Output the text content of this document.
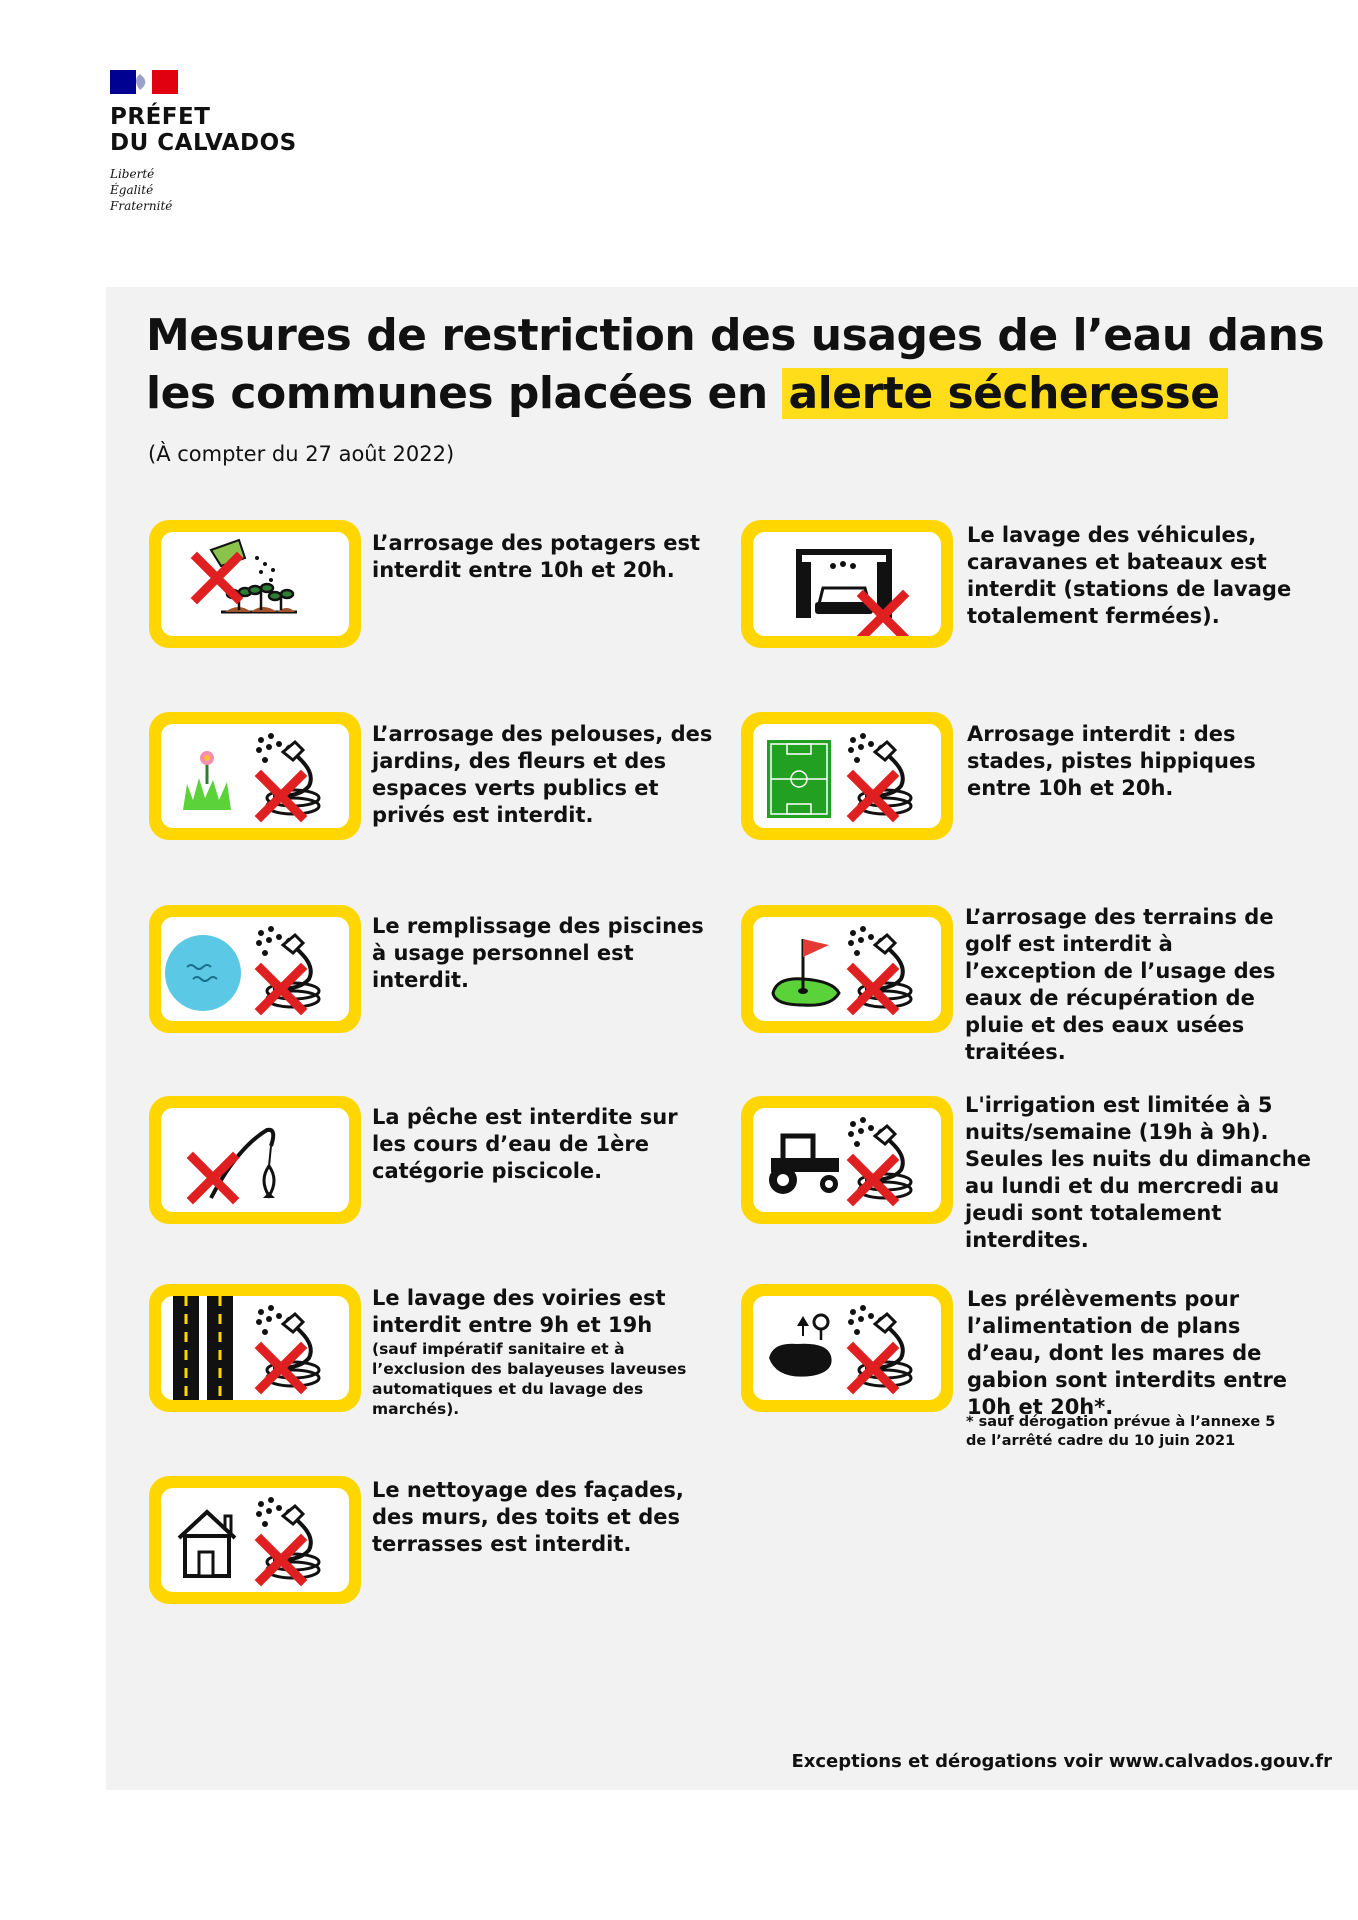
PRÉFET
DU CALVADOS
Liberté
Égalité
Fraternité
Mesures de restriction des usages de l’eau dans
les communes placées en alerte sécheresse
(À compter du 27 août 2022)
L’arrosage des potagers est interdit entre 10h et 20h.
Le lavage des véhicules, caravanes et bateaux est interdit (stations de lavage totalement fermées).
L’arrosage des pelouses, des jardins, des fleurs et des espaces verts publics et privés est interdit.
Arrosage interdit : des stades, pistes hippiques entre 10h et 20h.
Le remplissage des piscines à usage personnel est interdit.
L’arrosage des terrains de golf est interdit à l’exception de l’usage des eaux de récupération de pluie et des eaux usées traitées.
La pêche est interdite sur les cours d’eau de 1ère catégorie piscicole.
L'irrigation est limitée à 5 nuits/semaine (19h à 9h). Seules les nuits du dimanche au lundi et du mercredi au jeudi sont totalement interdites.
Le lavage des voiries est interdit entre 9h et 19h
(sauf impératif sanitaire et à l’exclusion des balayeuses laveuses automatiques et du lavage des marchés).
Les prélèvements pour l’alimentation de plans d’eau, dont les mares de gabion sont interdits entre 10h et 20h*.
* sauf dérogation prévue à l’annexe 5 de l’arrêté cadre du 10 juin 2021
Le nettoyage des façades, des murs, des toits et des terrasses est interdit.
Exceptions et dérogations voir www.calvados.gouv.fr
